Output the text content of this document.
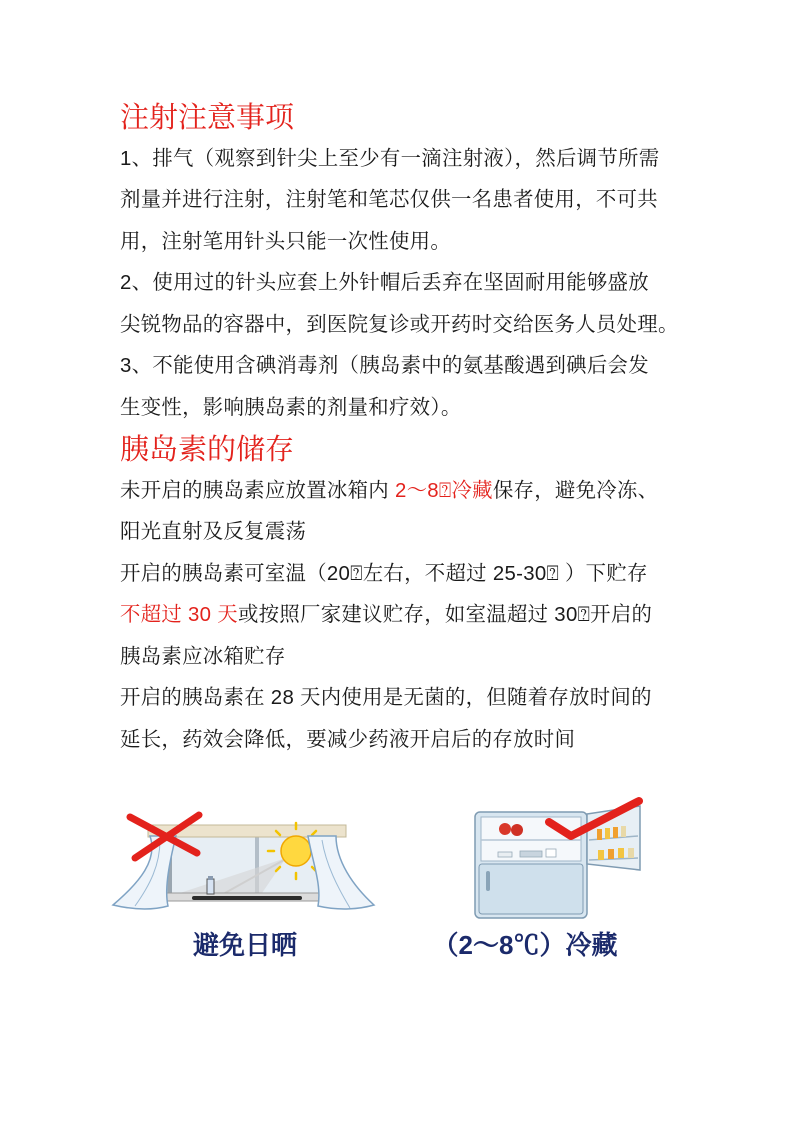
注射注意事项
1、排气（观察到针尖上至少有一滴注射液），然后调节所需
剂量并进行注射，注射笔和笔芯仅供一名患者使用，不可共
用，注射笔用针头只能一次性使用。
2、使用过的针头应套上外针帽后丢弃在坚固耐用能够盛放
尖锐物品的容器中，到医院复诊或开药时交给医务人员处理。
3、不能使用含碘消毒剂（胰岛素中的氨基酸遇到碘后会发
生变性，影响胰岛素的剂量和疗效）。
胰岛素的储存
未开启的胰岛素应放置冰箱内 2～8⍰冷藏保存，避免冷冻、
阳光直射及反复震荡
开启的胰岛素可室温（20⍰左右，不超过 25-30⍰ ）下贮存
不超过 30 天或按照厂家建议贮存，如室温超过 30⍰开启的
胰岛素应冰箱贮存
开启的胰岛素在 28 天内使用是无菌的，但随着存放时间的
延长，药效会降低，要减少药液开启后的存放时间
避免日晒	（2～8℃）冷藏
